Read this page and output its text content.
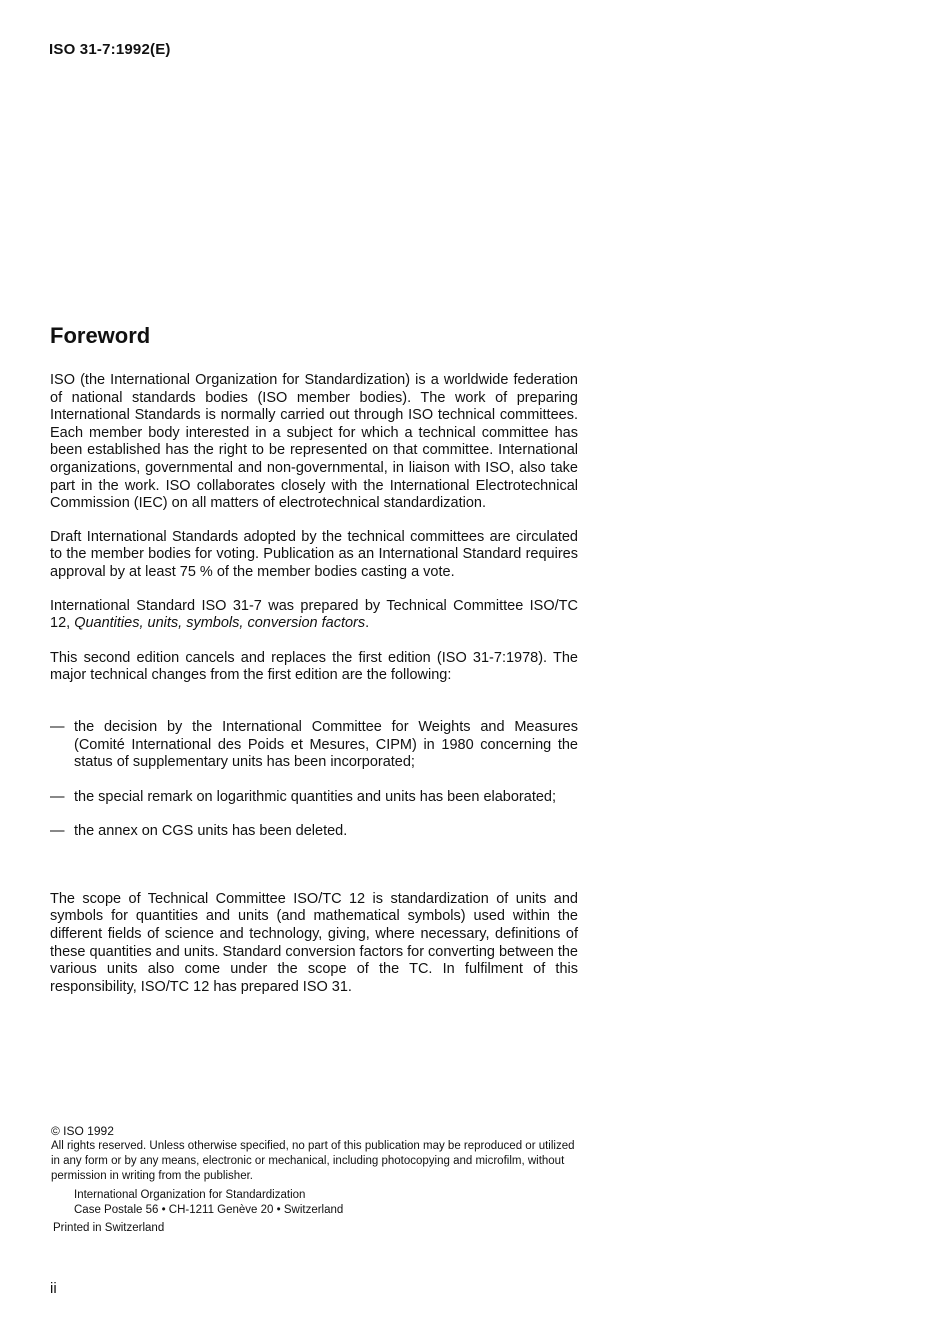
ISO 31-7:1992(E)
Foreword

ISO (the International Organization for Standardization) is a worldwide federation of national standards bodies (ISO member bodies). The work of preparing International Standards is normally carried out through ISO technical committees. Each member body interested in a subject for which a technical committee has been established has the right to be represented on that committee. International organizations, governmental and non-governmental, in liaison with ISO, also take part in the work. ISO collaborates closely with the International Electrotechnical Commission (IEC) on all matters of electrotechnical standardization.

Draft International Standards adopted by the technical committees are circulated to the member bodies for voting. Publication as an International Standard requires approval by at least 75 % of the member bodies casting a vote.

International Standard ISO 31-7 was prepared by Technical Committee ISO/TC 12, Quantities, units, symbols, conversion factors.

This second edition cancels and replaces the first edition (ISO 31-7:1978). The major technical changes from the first edition are the following:

— the decision by the International Committee for Weights and Measures (Comité International des Poids et Mesures, CIPM) in 1980 concerning the status of supplementary units has been incorporated;
— the special remark on logarithmic quantities and units has been elaborated;
— the annex on CGS units has been deleted.

The scope of Technical Committee ISO/TC 12 is standardization of units and symbols for quantities and units (and mathematical symbols) used within the different fields of science and technology, giving, where necessary, definitions of these quantities and units. Standard conversion factors for converting between the various units also come under the scope of the TC. In fulfilment of this responsibility, ISO/TC 12 has prepared ISO 31.

© ISO 1992

All rights reserved. Unless otherwise specified, no part of this publication may be reproduced or utilized in any form or by any means, electronic or mechanical, including photocopying and microfilm, without permission in writing from the publisher.

International Organization for Standardization

Case Postale 56 • CH-1211 Genève 20 • Switzerland

Printed in Switzerland

ii
